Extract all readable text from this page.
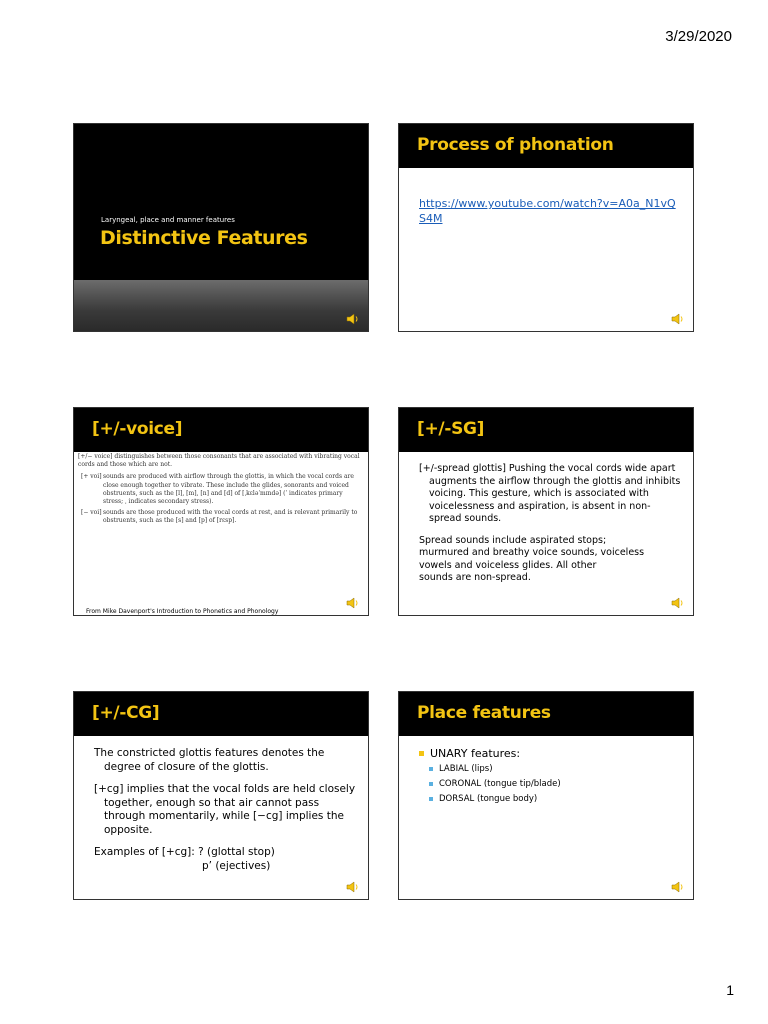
3/29/2020
Laryngeal, place and manner features
Distinctive Features
Process of phonation
https://www.youtube.com/watch?v=A0a_N1vQS4M
[+/-voice]
[+/− voice] distinguishes between those consonants that are associated with vibrating vocal cords and those which are not.
[+ voi] sounds are produced with airflow through the glottis, in which the vocal cords are close enough together to vibrate. These include the glides, sonorants and voiced obstruents, such as the [l], [m], [n] and [d] of [ˌkɛləˈmɪndə] (ˈ indicates primary stress; ˌ indicates secondary stress).
[− voi] sounds are those produced with the vocal cords at rest, and is relevant primarily to obstruents, such as the [s] and [p] of [rɛsp].
From Mike Davenport's Introduction to Phonetics and Phonology
[+/-SG]

[+/-spread glottis] Pushing the vocal cords wide apart augments the airflow through the glottis and inhibits voicing. This gesture, which is associated with voicelessness and aspiration, is absent in non-spread sounds.

Spread sounds include aspirated stops;

murmured and breathy voice sounds, voiceless

vowels and voiceless glides. All other

sounds are non-spread.

[+/-CG]

The constricted glottis features denotes the degree of closure of the glottis.

[+cg] implies that the vocal folds are held closely together, enough so that air cannot pass through momentarily, while [−cg] implies the opposite.

Examples of [+cg]: ? (glottal stop)

p’ (ejectives)

Place features
UNARY features:
LABIAL (lips)
CORONAL (tongue tip/blade)
DORSAL (tongue body)
1
